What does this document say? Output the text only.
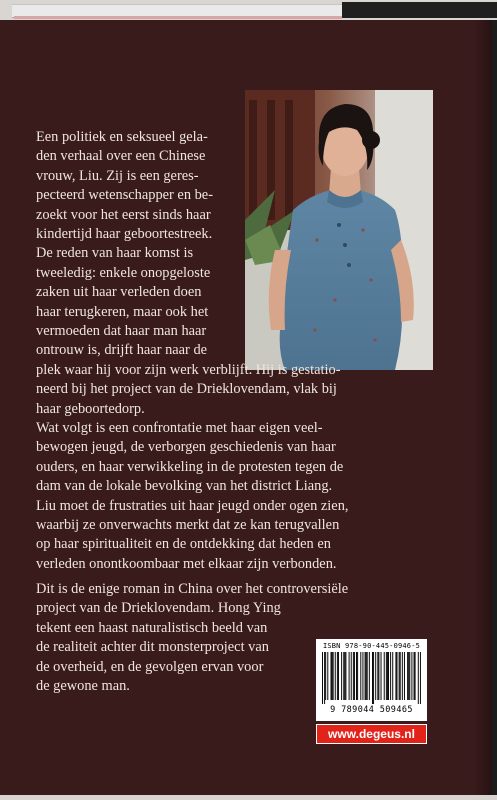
Een politiek en seksueel gela-
den verhaal over een Chinese
vrouw, Liu. Zij is een geres-
pecteerd wetenschapper en be-
zoekt voor het eerst sinds haar
kindertijd haar geboortestreek.
De reden van haar komst is
tweeledig: enkele onopgeloste
zaken uit haar verleden doen
haar terugkeren, maar ook het
vermoeden dat haar man haar
ontrouw is, drijft haar naar de
plek waar hij voor zijn werk verblijft. Hij is gestatio-
neerd bij het project van de Drieklovendam, vlak bij
haar geboortedorp.
Wat volgt is een confrontatie met haar eigen veel-
bewogen jeugd, de verborgen geschiedenis van haar
ouders, en haar verwikkeling in de protesten tegen de
dam van de lokale bevolking van het district Liang.
Liu moet de frustraties uit haar jeugd onder ogen zien,
waarbij ze onverwachts merkt dat ze kan terugvallen
op haar spiritualiteit en de ontdekking dat heden en
verleden onontkoombaar met elkaar zijn verbonden.
Dit is de enige roman in China over het controversiële
project van de Drieklovendam. Hong Ying
tekent een haast naturalistisch beeld van
de realiteit achter dit monsterproject van
de overheid, en de gevolgen ervan voor
de gewone man.
ISBN 978-90-445-0946-5
9 789044 509465
www.degeus.nl
